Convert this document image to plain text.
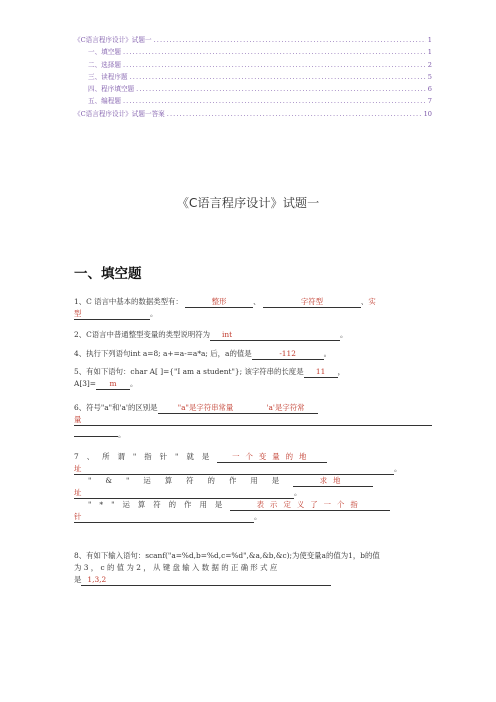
《C语言程序设计》试题一 .....	1
一、填空题 .....	1
二、选择题 .....	2
三、读程序题 .....	5
四、程序填空题 .....	6
五、编程题 .....	7
《C语言程序设计》试题一答案 .....	10
《C语言程序设计》试题一
一、填空题
1、C 语言中基本的数据类型有：	整形	、	字符型	、实
型	。
2、C语言中普通整型变量的类型说明符为 int	。
4、执行下列语句int a=8; a+=a-=a*a; 后，a的值是	-112	。
5、有如下语句：char A[ ]={"I am a student"}; 该字符串的长度是 11 ，
A[3]= m 。
6、符号"a"和'a'的区别是	"a"是字符串常量	'a'是字符常
量
。
7、所谓"指针"就是 一个变量的地
址	。
"&"运算符的作用是	求地
址	。
"*"运算符的作用是	表示定义了一个指
针	。
8、有如下输入语句：scanf("a=%d,b=%d,c=%d",&a,&b,&c);为使变量a的值为1，b的值
为 3 ， c 的 值 为 2 ， 从 键 盘 输 入 数 据 的 正 确 形 式 应
是 1,3,2
